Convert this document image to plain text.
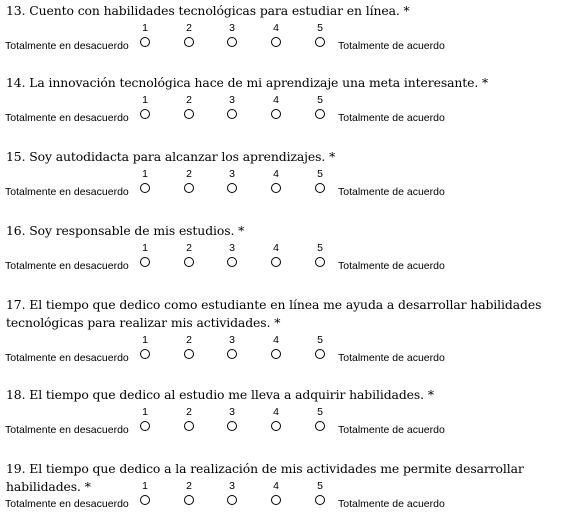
13. Cuento con habilidades tecnológicas para estudiar en línea. *
1	2	3	4	5
Totalmente en desacuerdo	Totalmente de acuerdo
14. La innovación tecnológica hace de mi aprendizaje una meta interesante. *
1	2	3	4	5
Totalmente en desacuerdo	Totalmente de acuerdo
15. Soy autodidacta para alcanzar los aprendizajes. *
1	2	3	4	5
Totalmente en desacuerdo	Totalmente de acuerdo
16. Soy responsable de mis estudios. *
1	2	3	4	5
Totalmente en desacuerdo	Totalmente de acuerdo
17. El tiempo que dedico como estudiante en línea me ayuda a desarrollar habilidades tecnológicas para realizar mis actividades. *
1	2	3	4	5
Totalmente en desacuerdo	Totalmente de acuerdo
18. El tiempo que dedico al estudio me lleva a adquirir habilidades. *
1	2	3	4	5
Totalmente en desacuerdo	Totalmente de acuerdo
19. El tiempo que dedico a la realización de mis actividades me permite desarrollar habilidades. *	1	2	3	4	5
Totalmente en desacuerdo	Totalmente de acuerdo
